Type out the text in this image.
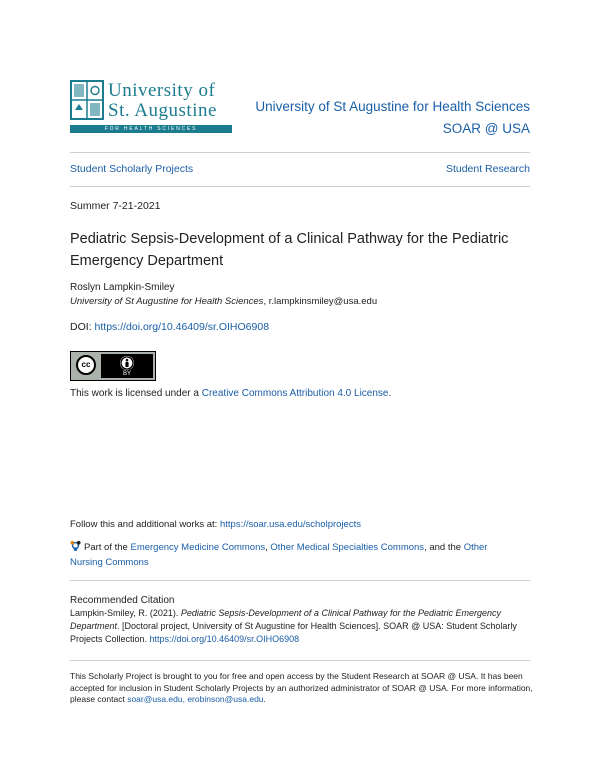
University of
St. Augustine
FOR HEALTH SCIENCES
University of St Augustine for Health Sciences
SOAR @ USA
Student Scholarly Projects	Student Research
Summer 7-21-2021
Pediatric Sepsis-Development of a Clinical Pathway for the Pediatric Emergency Department
Roslyn Lampkin-Smiley
University of St Augustine for Health Sciences, r.lampkinsmiley@usa.edu
DOI: https://doi.org/10.46409/sr.OIHO6908
cc
BY
This work is licensed under a Creative Commons Attribution 4.0 License.
Follow this and additional works at: https://soar.usa.edu/scholprojects
Part of the Emergency Medicine Commons, Other Medical Specialties Commons, and the Other Nursing Commons
Recommended Citation
Lampkin-Smiley, R. (2021). Pediatric Sepsis-Development of a Clinical Pathway for the Pediatric Emergency Department. [Doctoral project, University of St Augustine for Health Sciences]. SOAR @ USA: Student Scholarly Projects Collection. https://doi.org/10.46409/sr.OIHO6908
This Scholarly Project is brought to you for free and open access by the Student Research at SOAR @ USA. It has been accepted for inclusion in Student Scholarly Projects by an authorized administrator of SOAR @ USA. For more information, please contact soar@usa.edu, erobinson@usa.edu.
